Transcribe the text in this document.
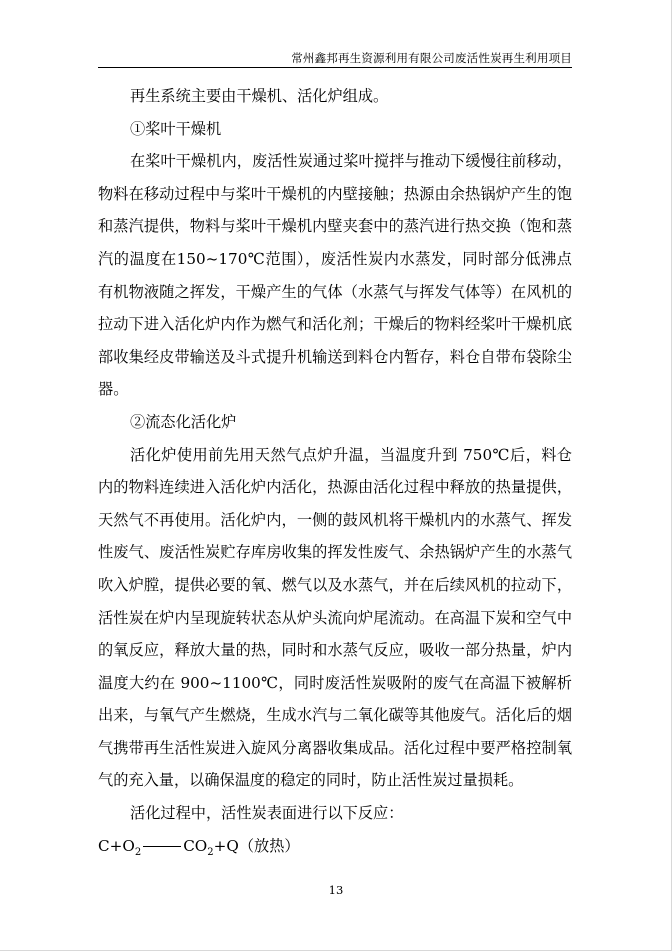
常州鑫邦再生资源利用有限公司废活性炭再生利用项目

再生系统主要由干燥机、活化炉组成。

①桨叶干燥机

在桨叶干燥机内，废活性炭通过桨叶搅拌与推动下缓慢往前移动，物料在移动过程中与桨叶干燥机的内壁接触；热源由余热锅炉产生的饱和蒸汽提供，物料与桨叶干燥机内壁夹套中的蒸汽进行热交换（饱和蒸汽的温度在150~170℃范围），废活性炭内水蒸发，同时部分低沸点有机物液随之挥发，干燥产生的气体（水蒸气与挥发气体等）在风机的拉动下进入活化炉内作为燃气和活化剂；干燥后的物料经桨叶干燥机底部收集经皮带输送及斗式提升机输送到料仓内暂存，料仓自带布袋除尘器。

②流态化活化炉

活化炉使用前先用天然气点炉升温，当温度升到 750℃后，料仓内的物料连续进入活化炉内活化，热源由活化过程中释放的热量提供，天然气不再使用。活化炉内，一侧的鼓风机将干燥机内的水蒸气、挥发性废气、废活性炭贮存库房收集的挥发性废气、余热锅炉产生的水蒸气吹入炉膛，提供必要的氧、燃气以及水蒸气，并在后续风机的拉动下，活性炭在炉内呈现旋转状态从炉头流向炉尾流动。在高温下炭和空气中的氧反应，释放大量的热，同时和水蒸气反应，吸收一部分热量，炉内温度大约在 900~1100℃，同时废活性炭吸附的废气在高温下被解析出来，与氧气产生燃烧，生成水汽与二氧化碳等其他废气。活化后的烟气携带再生活性炭进入旋风分离器收集成品。活化过程中要严格控制氧气的充入量，以确保温度的稳定的同时，防止活性炭过量损耗。

活化过程中，活性炭表面进行以下反应：

$C+O_2$	$CO_2+Q$（放热）

13
